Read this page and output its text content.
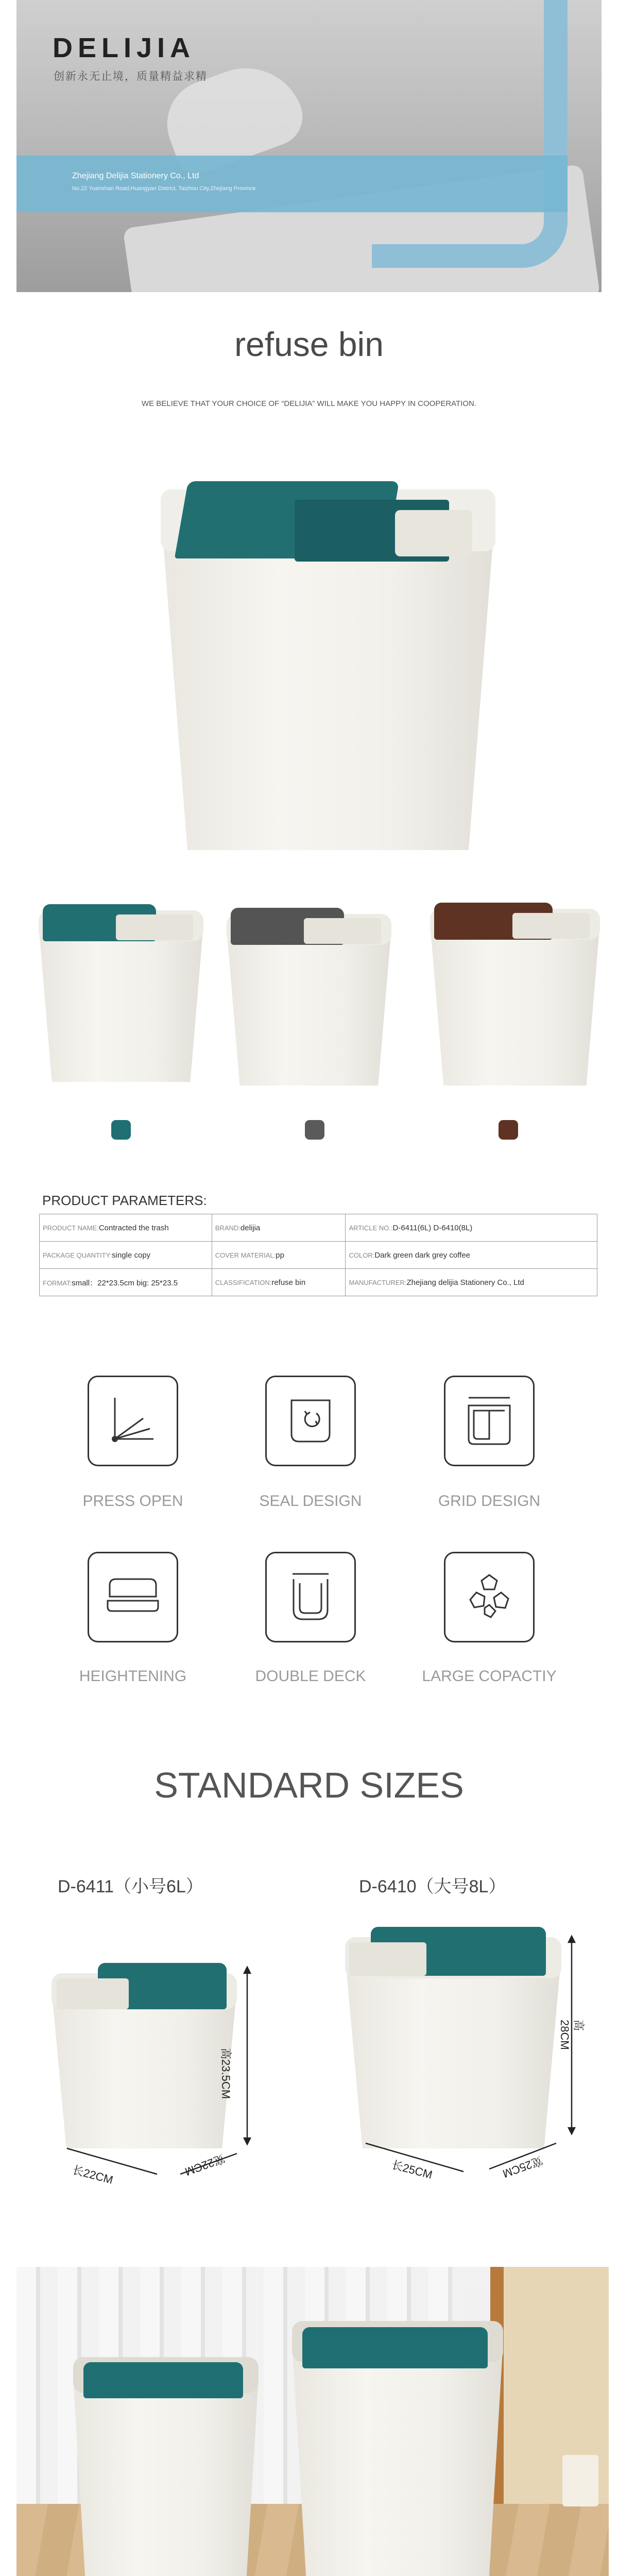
DELIJIA
创新永无止境，质量精益求精
Zhejiang Delijia Stationery Co., Ltd
No.22 Yuanshan Road,Huangyan District, Taizhou City,Zhejiang Province
refuse bin
WE BELIEVE THAT YOUR CHOICE OF “DELIJIA” WILL MAKE YOU HAPPY IN COOPERATION.
PRODUCT PARAMETERS:
PRODUCT NAME:Contracted the trash	BRAND:delijia	ARTICLE NO.:D-6411(6L) D-6410(8L)
PACKAGE QUANTITY:single copy	COVER MATERIAL:pp	COLOR:Dark green dark grey coffee
FORMAT:small：22*23.5cm big: 25*23.5	CLASSIFICATION:refuse bin	MANUFACTURER:Zhejiang delijia Stationery Co., Ltd
PRESS OPEN	SEAL DESIGN	GRID DESIGN
HEIGHTENING	DOUBLE DECK	LARGE COPACTIY
STANDARD SIZES
D-6411（小号6L）	D-6410（大号8L）
高23.5CM
长22CM	宽22CM
高28CM
长25CM	宽25CM
